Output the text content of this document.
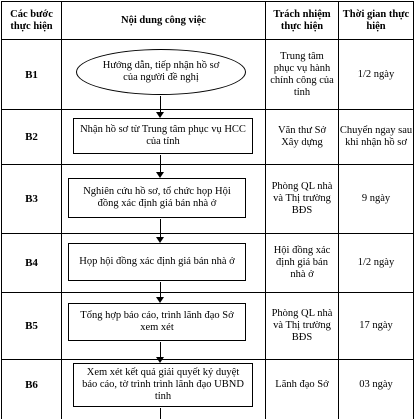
Các bước thực hiện
Nội dung công việc
Trách nhiệm thực hiện
Thời gian thực hiện
B1
Hướng dẫn, tiếp nhận hồ sơ của người đề nghị
Trung tâm phục vụ hành chính công của tỉnh
1/2 ngày
B2
Nhận hồ sơ từ Trung tâm phục vụ HCC của tỉnh
Văn thư Sở Xây dựng
Chuyển ngay sau khi nhận hồ sơ
B3
Nghiên cứu hồ sơ, tổ chức họp Hội đồng xác định giá bán nhà ở
Phòng QL nhà và Thị trường BĐS
9 ngày
B4	Họp hội đồng xác định giá bán nhà ở
Hội đồng xác định giá bán nhà ở
1/2 ngày
B5
Tổng hợp báo cáo, trình lãnh đạo Sở xem xét
Phòng QL nhà và Thị trường BĐS
17 ngày
B6
Xem xét kết quả giải quyết ký duyệt báo cáo, tờ trình trình lãnh đạo UBND tỉnh
Lãnh đạo Sở	03 ngày
